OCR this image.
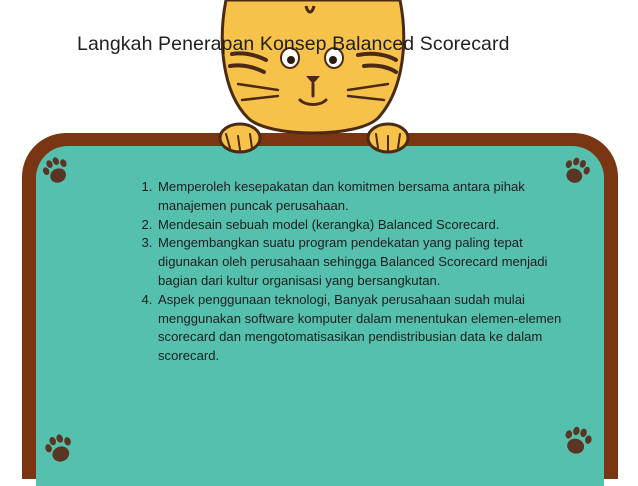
Langkah Penerapan Konsep Balanced Scorecard
1. Memperoleh kesepakatan dan komitmen bersama antara pihak manajemen puncak perusahaan.
2. Mendesain sebuah model (kerangka) Balanced Scorecard.
3. Mengembangkan suatu program pendekatan yang paling tepat digunakan oleh perusahaan sehingga Balanced Scorecard menjadi bagian dari kultur organisasi yang bersangkutan.
4. Aspek penggunaan teknologi, Banyak perusahaan sudah mulai menggunakan software komputer dalam menentukan elemen-elemen scorecard dan mengotomatisasikan pendistribusian data ke dalam scorecard.
